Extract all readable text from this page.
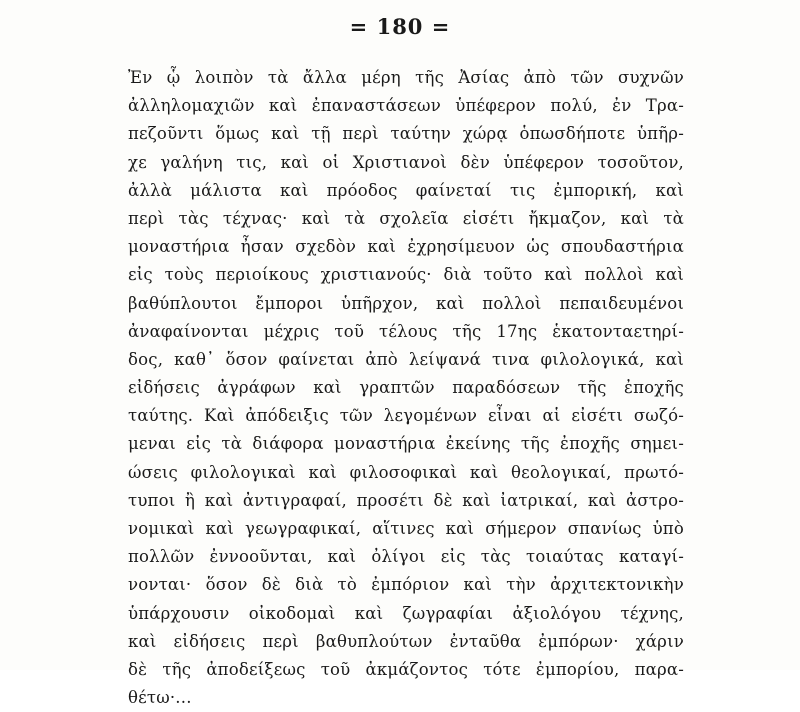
= 180 =
Ἐν ᾧ λοιπὸν τὰ ἄλλα μέρη τῆς Ἀσίας ἀπὸ τῶν συχνῶν
ἀλληλομαχιῶν καὶ ἐπαναστάσεων ὑπέφερον πολύ, ἐν Τρα-
πεζοῦντι ὅμως καὶ τῇ περὶ ταύτην χώρᾳ ὁπωσδήποτε ὑπῆρ-
χε γαλήνη τις, καὶ οἱ Χριστιανοὶ δὲν ὑπέφερον τοσοῦτον,
ἀλλὰ μάλιστα καὶ πρόοδος φαίνεταί τις ἐμπορική, καὶ
περὶ τὰς τέχνας· καὶ τὰ σχολεῖα εἰσέτι ἤκμαζον, καὶ τὰ
μοναστήρια ἦσαν σχεδὸν καὶ ἐχρησίμευον ὡς σπουδαστήρια
εἰς τοὺς περιοίκους χριστιανούς· διὰ τοῦτο καὶ πολλοὶ καὶ
βαθύπλουτοι ἔμποροι ὑπῆρχον, καὶ πολλοὶ πεπαιδευμένοι
ἀναφαίνονται μέχρις τοῦ τέλους τῆς 17ης ἑκατονταετηρί-
δος, καθ᾽ ὅσον φαίνεται ἀπὸ λείψανά τινα φιλολογικά, καὶ
εἰδήσεις ἀγράφων καὶ γραπτῶν παραδόσεων τῆς ἐποχῆς
ταύτης. Καὶ ἀπόδειξις τῶν λεγομένων εἶναι αἱ εἰσέτι σωζό-
μεναι εἰς τὰ διάφορα μοναστήρια ἐκείνης τῆς ἐποχῆς σημει-
ώσεις φιλολογικαὶ καὶ φιλοσοφικαὶ καὶ θεολογικαί, πρωτό-
τυποι ἢ καὶ ἀντιγραφαί, προσέτι δὲ καὶ ἰατρικαί, καὶ ἀστρο-
νομικαὶ καὶ γεωγραφικαί, αἵτινες καὶ σήμερον σπανίως ὑπὸ
πολλῶν ἐννοοῦνται, καὶ ὀλίγοι εἰς τὰς τοιαύτας καταγί-
νονται· ὅσον δὲ διὰ τὸ ἐμπόριον καὶ τὴν ἀρχιτεκτονικὴν
ὑπάρχουσιν οἰκοδομαὶ καὶ ζωγραφίαι ἀξιολόγου τέχνης,
καὶ εἰδήσεις περὶ βαθυπλούτων ἐνταῦθα ἐμπόρων· χάριν
δὲ τῆς ἀποδείξεως τοῦ ἀκμάζοντος τότε ἐμπορίου, παρα-
θέτω·...
